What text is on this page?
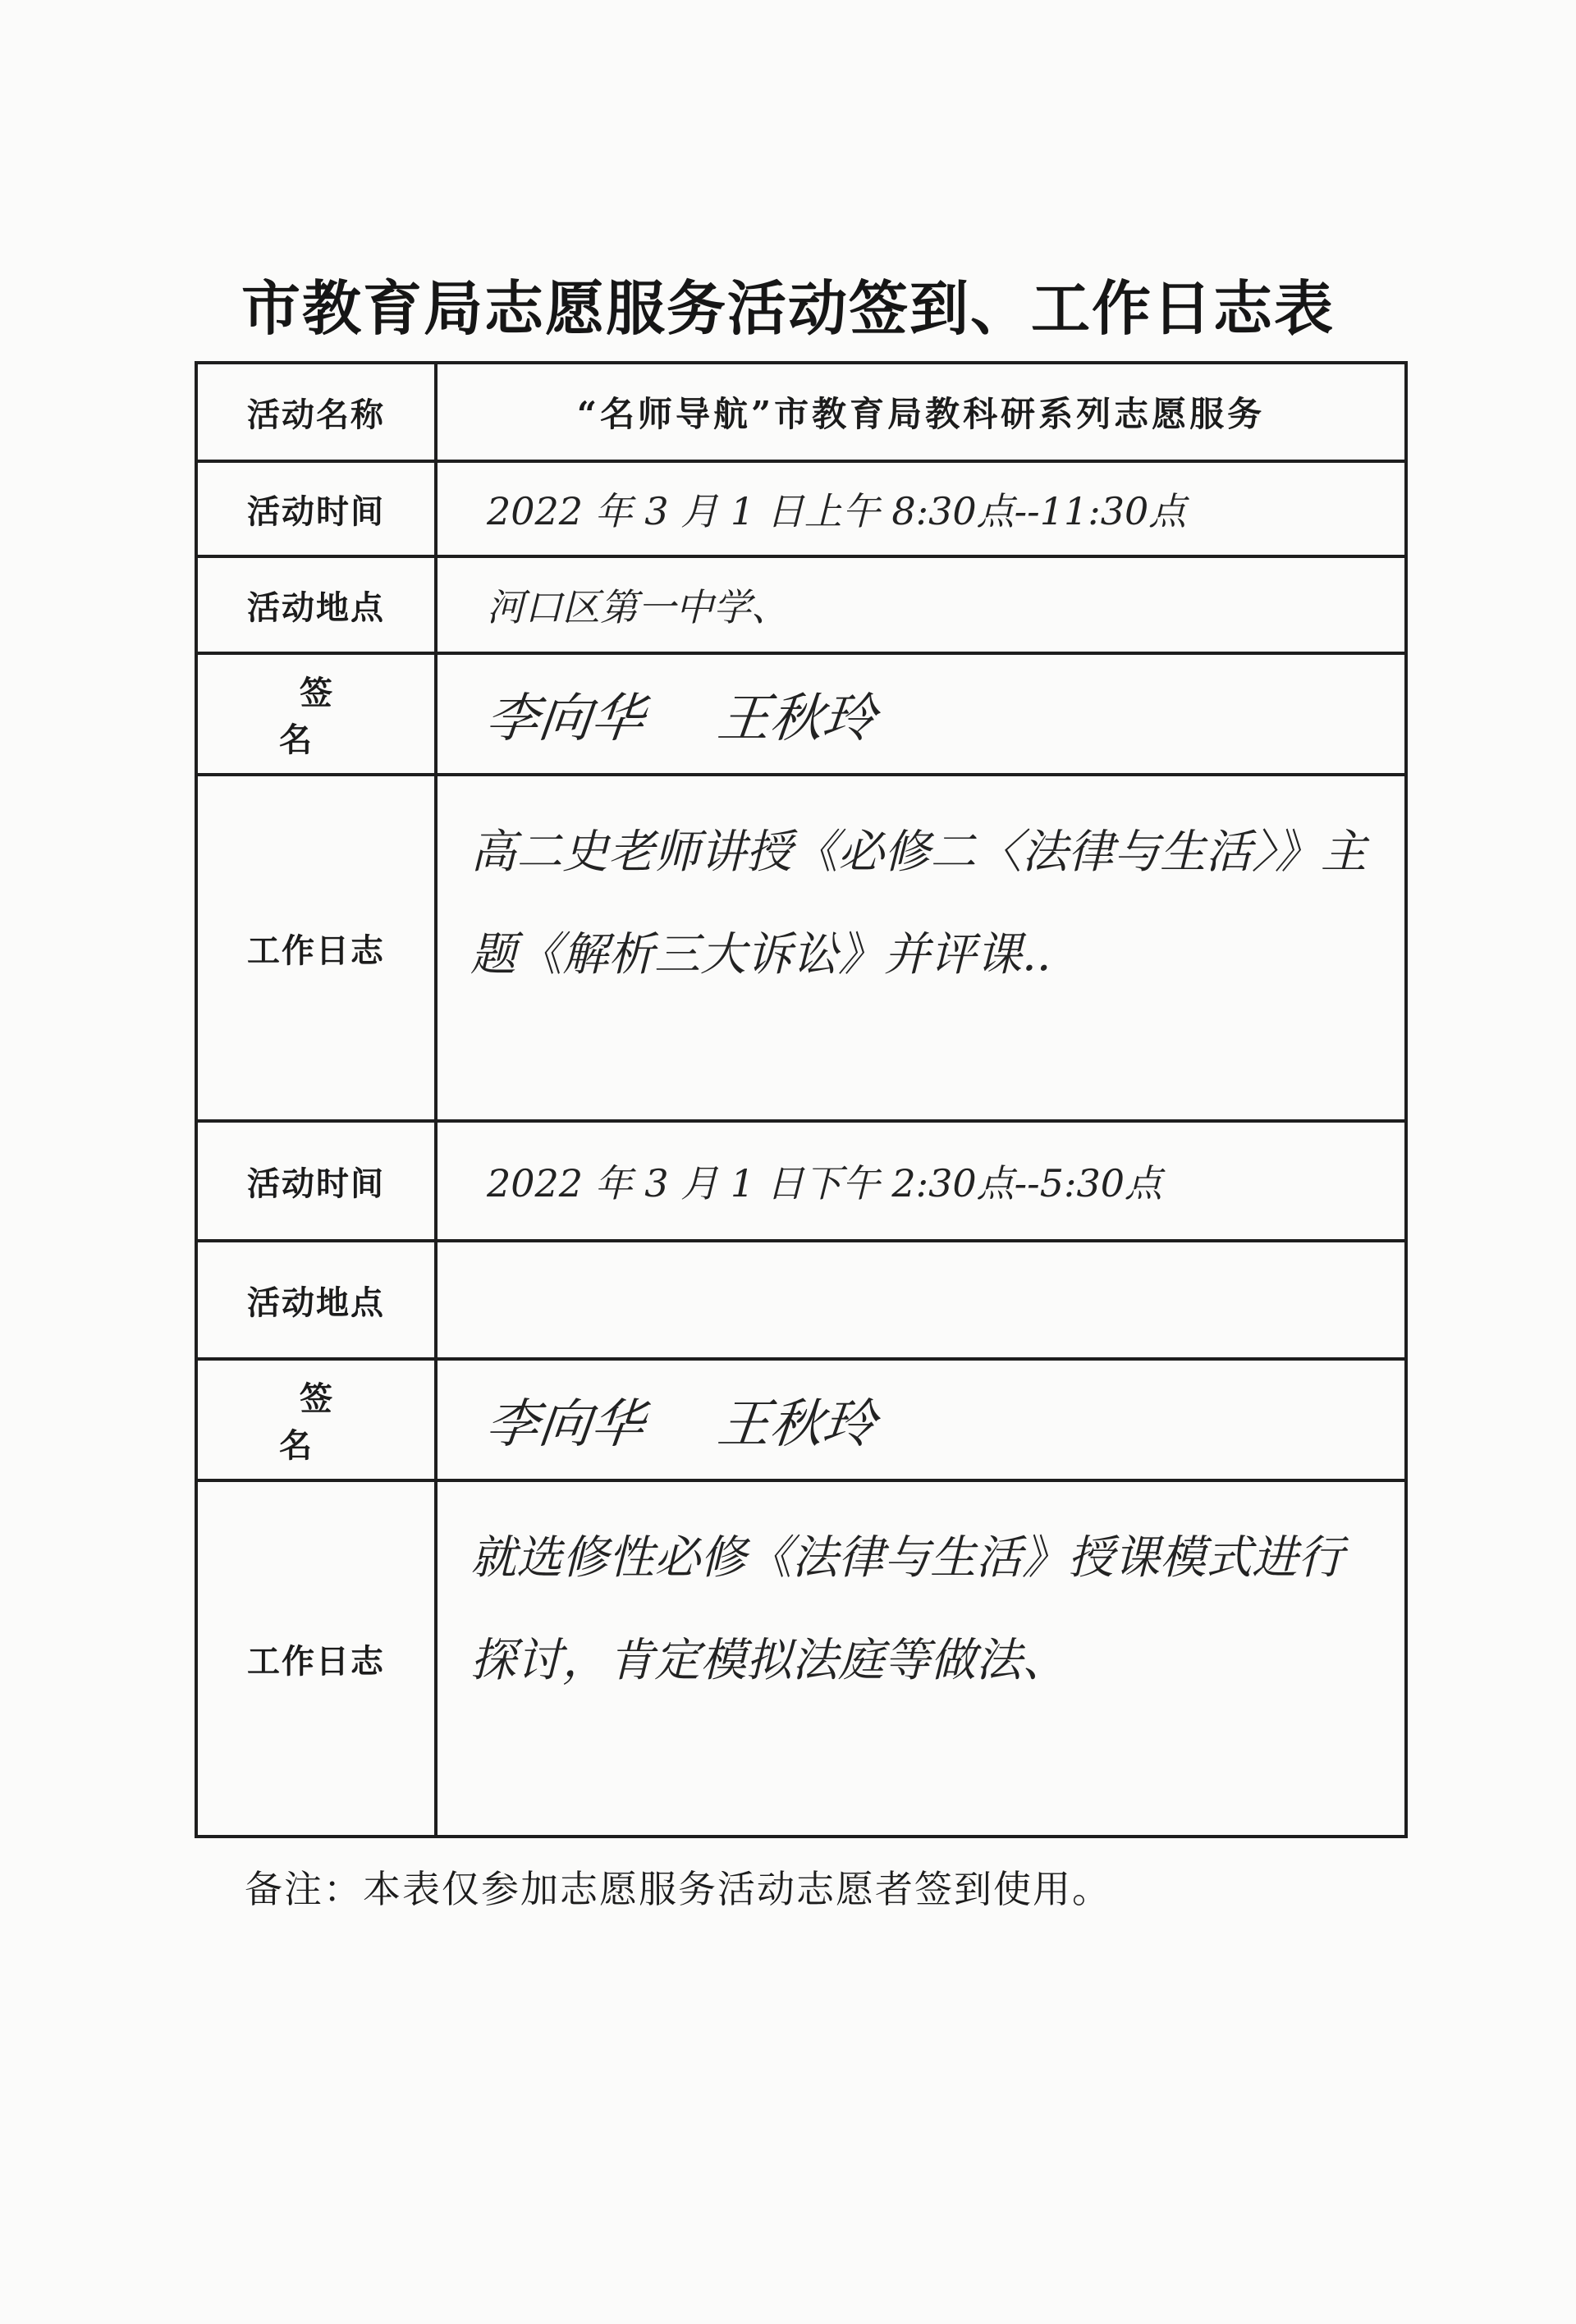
市教育局志愿服务活动签到、工作日志表
活动名称	“名师导航”市教育局教科研系列志愿服务
活动时间	2022 年 3 月 1 日上午 8:30点--11:30点
活动地点	河口区第一中学、
签 名	李向华 王秋玲
工作日志	高二史老师讲授《必修二〈法律与生活〉》主题《解析三大诉讼》并评课..
活动时间	2022 年 3 月 1 日下午 2:30点--5:30点
活动地点	
签 名	李向华 王秋玲
工作日志	就选修性必修《法律与生活》授课模式进行探讨，肯定模拟法庭等做法、
备注：本表仅参加志愿服务活动志愿者签到使用。
